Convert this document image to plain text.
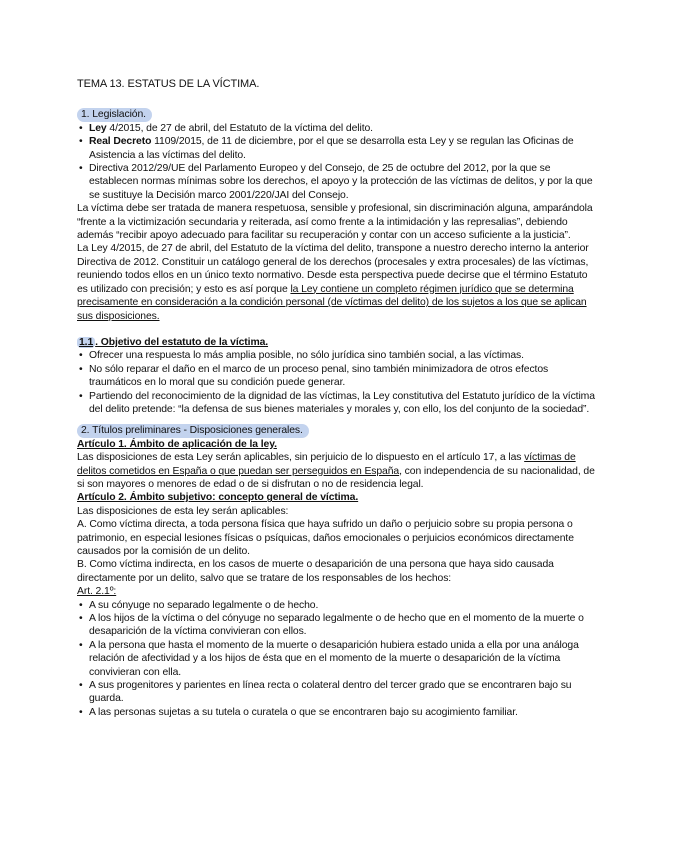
TEMA 13. ESTATUS DE LA VÍCTIMA.
1. Legislación.
• Ley 4/2015, de 27 de abril, del Estatuto de la víctima del delito.
• Real Decreto 1109/2015, de 11 de diciembre, por el que se desarrolla esta Ley y se regulan las Oficinas de Asistencia a las víctimas del delito.
• Directiva 2012/29/UE del Parlamento Europeo y del Consejo, de 25 de octubre del 2012, por la que se establecen normas mínimas sobre los derechos, el apoyo y la protección de las víctimas de delitos, y por la que se sustituye la Decisión marco 2001/220/JAI del Consejo.

La víctima debe ser tratada de manera respetuosa, sensible y profesional, sin discriminación alguna, amparándola “frente a la victimización secundaria y reiterada, así como frente a la intimidación y las represalias”, debiendo además “recibir apoyo adecuado para facilitar su recuperación y contar con un acceso suficiente a la justicia”.

La Ley 4/2015, de 27 de abril, del Estatuto de la víctima del delito, transpone a nuestro derecho interno la anterior Directiva de 2012. Constituir un catálogo general de los derechos (procesales y extra procesales) de las víctimas, reuniendo todos ellos en un único texto normativo. Desde esta perspectiva puede decirse que el término Estatuto es utilizado con precisión; y esto es así porque la Ley contiene un completo régimen jurídico que se determina precisamente en consideración a la condición personal (de víctimas del delito) de los sujetos a los que se aplican sus disposiciones.

1.1 . Objetivo del estatuto de la víctima.
• Ofrecer una respuesta lo más amplia posible, no sólo jurídica sino también social, a las víctimas.
• No sólo reparar el daño en el marco de un proceso penal, sino también minimizadora de otros efectos traumáticos en lo moral que su condición puede generar.
• Partiendo del reconocimiento de la dignidad de las víctimas, la Ley constitutiva del Estatuto jurídico de la víctima del delito pretende: “la defensa de sus bienes materiales y morales y, con ello, los del conjunto de la sociedad”.
2. Títulos preliminares - Disposiciones generales.
Artículo 1. Ámbito de aplicación de la ley.

Las disposiciones de esta Ley serán aplicables, sin perjuicio de lo dispuesto en el artículo 17, a las víctimas de delitos cometidos en España o que puedan ser perseguidos en España, con independencia de su nacionalidad, de si son mayores o menores de edad o de si disfrutan o no de residencia legal.

Artículo 2. Ámbito subjetivo: concepto general de víctima.

Las disposiciones de esta ley serán aplicables:

A. Como víctima directa, a toda persona física que haya sufrido un daño o perjuicio sobre su propia persona o patrimonio, en especial lesiones físicas o psíquicas, daños emocionales o perjuicios económicos directamente causados por la comisión de un delito.

B. Como víctima indirecta, en los casos de muerte o desaparición de una persona que haya sido causada directamente por un delito, salvo que se tratare de los responsables de los hechos:

Art. 2.1º:

• A su cónyuge no separado legalmente o de hecho.
• A los hijos de la víctima o del cónyuge no separado legalmente o de hecho que en el momento de la muerte o desaparición de la víctima convivieran con ellos.
• A la persona que hasta el momento de la muerte o desaparición hubiera estado unida a ella por una análoga relación de afectividad y a los hijos de ésta que en el momento de la muerte o desaparición de la víctima convivieran con ella.
• A sus progenitores y parientes en línea recta o colateral dentro del tercer grado que se encontraren bajo su guarda.
• A las personas sujetas a su tutela o curatela o que se encontraren bajo su acogimiento familiar.
